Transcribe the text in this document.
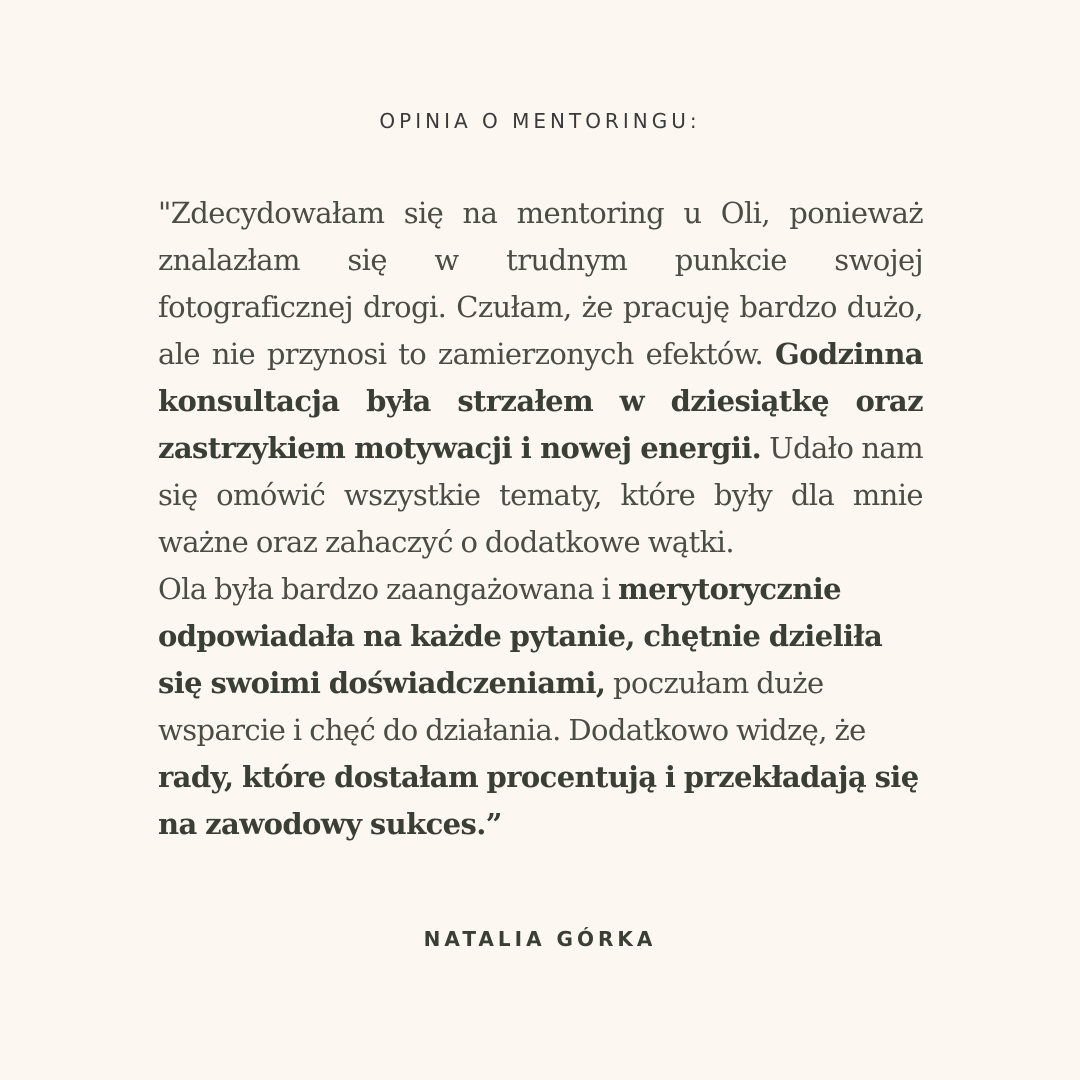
OPINIA O MENTORINGU:

"Zdecydowałam się na mentoring u Oli, ponieważ znalazłam się w trudnym punkcie swojej fotograficznej drogi. Czułam, że pracuję bardzo dużo, ale nie przynosi to zamierzonych efektów. Godzinna konsultacja była strzałem w dziesiątkę oraz zastrzykiem motywacji i nowej energii. Udało nam się omówić wszystkie tematy, które były dla mnie ważne oraz zahaczyć o dodatkowe wątki.

Ola była bardzo zaangażowana i merytorycznie odpowiadała na każde pytanie, chętnie dzieliła się swoimi doświadczeniami, poczułam duże wsparcie i chęć do działania. Dodatkowo widzę, że rady, które dostałam procentują i przekładają się na zawodowy sukces.”

NATALIA GÓRKA
